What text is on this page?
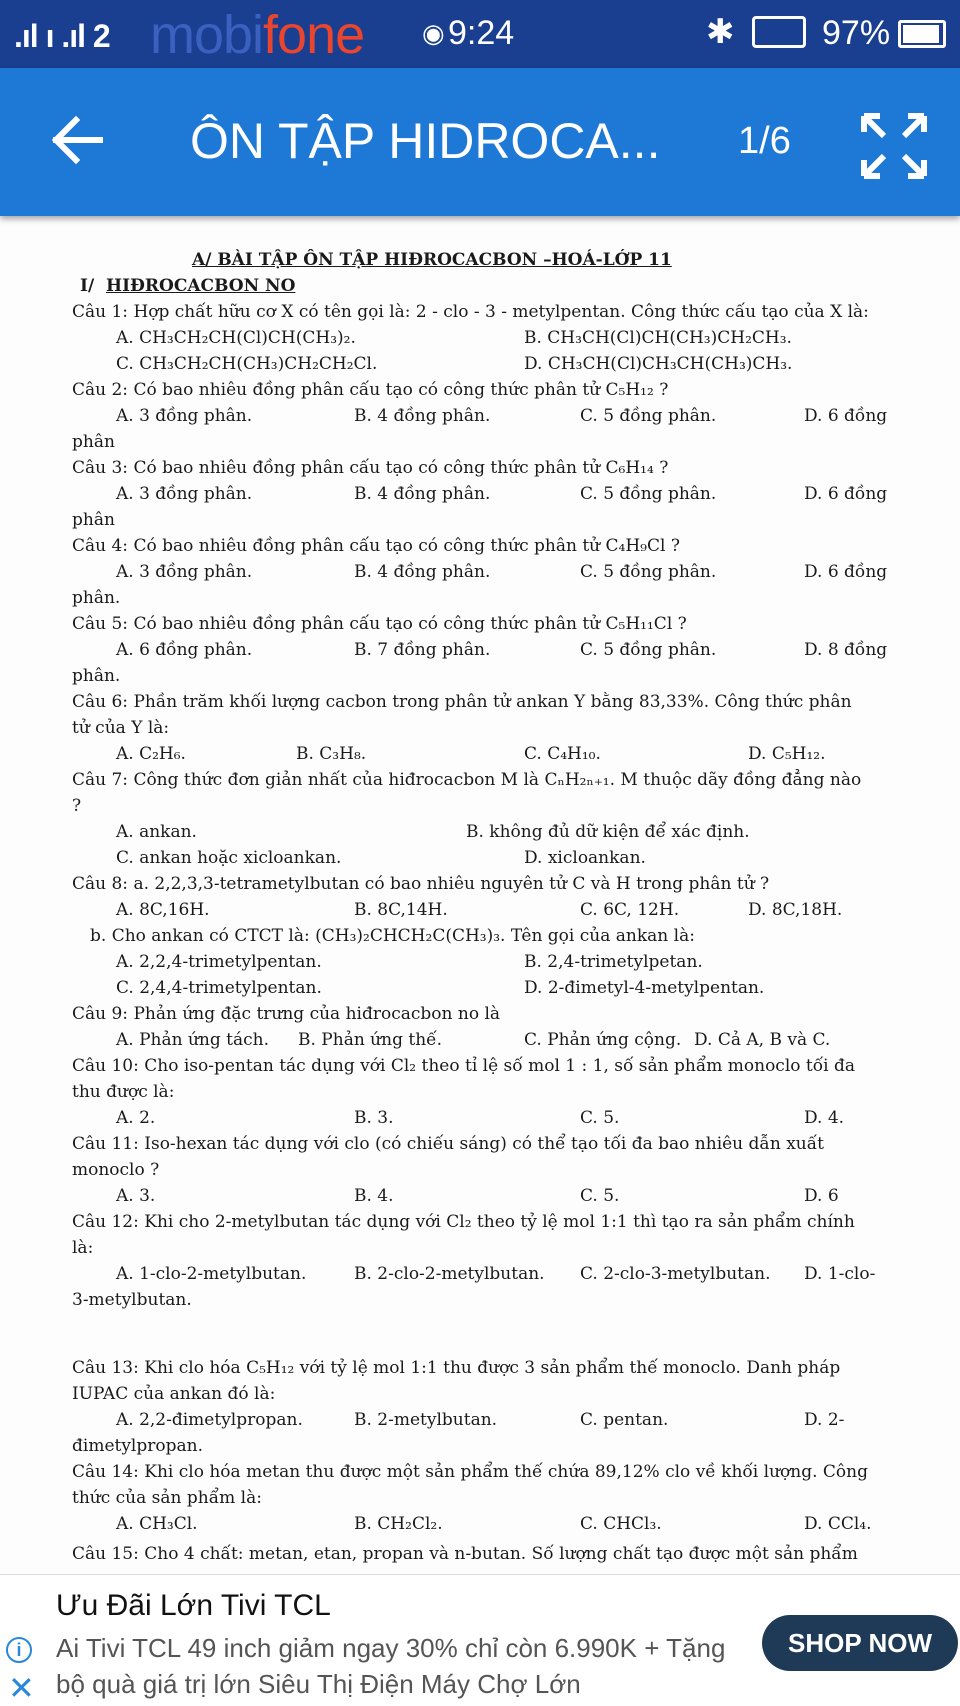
.ıl ı .ıl 2 mobifone ◉ 9:24	✱	97%
ÔN TẬP HIDROCA... 1/6
A/ BÀI TẬP ÔN TẬP HIĐROCACBON –HOÁ-LỚP 11
I/ HIĐROCACBON NO
Câu 1: Hợp chất hữu cơ X có tên gọi là: 2 - clo - 3 - metylpentan. Công thức cấu tạo của X là:
A. CH₃CH₂CH(Cl)CH(CH₃)₂.	B. CH₃CH(Cl)CH(CH₃)CH₂CH₃.
C. CH₃CH₂CH(CH₃)CH₂CH₂Cl.	D. CH₃CH(Cl)CH₃CH(CH₃)CH₃.
Câu 2: Có bao nhiêu đồng phân cấu tạo có công thức phân tử C₅H₁₂ ?
A. 3 đồng phân.	B. 4 đồng phân.	C. 5 đồng phân.	D. 6 đồng
phân
Câu 3: Có bao nhiêu đồng phân cấu tạo có công thức phân tử C₆H₁₄ ?
A. 3 đồng phân.	B. 4 đồng phân.	C. 5 đồng phân.	D. 6 đồng
phân
Câu 4: Có bao nhiêu đồng phân cấu tạo có công thức phân tử C₄H₉Cl ?
A. 3 đồng phân.	B. 4 đồng phân.	C. 5 đồng phân.	D. 6 đồng
phân.
Câu 5: Có bao nhiêu đồng phân cấu tạo có công thức phân tử C₅H₁₁Cl ?
A. 6 đồng phân.	B. 7 đồng phân.	C. 5 đồng phân.	D. 8 đồng
phân.
Câu 6: Phần trăm khối lượng cacbon trong phân tử ankan Y bằng 83,33%. Công thức phân
tử của Y là:
A. C₂H₆.	B. C₃H₈.	C. C₄H₁₀.	D. C₅H₁₂.
Câu 7: Công thức đơn giản nhất của hiđrocacbon M là CₙH₂ₙ₊₁. M thuộc dãy đồng đẳng nào
?
A. ankan.	B. không đủ dữ kiện để xác định.
C. ankan hoặc xicloankan.	D. xicloankan.
Câu 8: a. 2,2,3,3-tetrametylbutan có bao nhiêu nguyên tử C và H trong phân tử ?
A. 8C,16H.	B. 8C,14H.	C. 6C, 12H.	D. 8C,18H.
b. Cho ankan có CTCT là: (CH₃)₂CHCH₂C(CH₃)₃. Tên gọi của ankan là:
A. 2,2,4-trimetylpentan.	B. 2,4-trimetylpetan.
C. 2,4,4-trimetylpentan.	D. 2-đimetyl-4-metylpentan.
Câu 9: Phản ứng đặc trưng của hiđrocacbon no là
A. Phản ứng tách. B. Phản ứng thế.	C. Phản ứng cộng. D. Cả A, B và C.
Câu 10: Cho iso-pentan tác dụng với Cl₂ theo tỉ lệ số mol 1 : 1, số sản phẩm monoclo tối đa
thu được là:
A. 2.	B. 3.	C. 5.	D. 4.
Câu 11: Iso-hexan tác dụng với clo (có chiếu sáng) có thể tạo tối đa bao nhiêu dẫn xuất
monoclo ?
A. 3.	B. 4.	C. 5.	D. 6
Câu 12: Khi cho 2-metylbutan tác dụng với Cl₂ theo tỷ lệ mol 1:1 thì tạo ra sản phẩm chính
là:
A. 1-clo-2-metylbutan.	B. 2-clo-2-metylbutan. C. 2-clo-3-metylbutan. D. 1-clo-
3-metylbutan.
Câu 13: Khi clo hóa C₅H₁₂ với tỷ lệ mol 1:1 thu được 3 sản phẩm thế monoclo. Danh pháp
IUPAC của ankan đó là:
A. 2,2-đimetylpropan.	B. 2-metylbutan.	C. pentan.	D. 2-
đimetylpropan.
Câu 14: Khi clo hóa metan thu được một sản phẩm thế chứa 89,12% clo về khối lượng. Công
thức của sản phẩm là:
A. CH₃Cl.	B. CH₂Cl₂.	C. CHCl₃.	D. CCl₄.
Câu 15: Cho 4 chất: metan, etan, propan và n-butan. Số lượng chất tạo được một sản phẩm
Ưu Đãi Lớn Tivi TCL
i
✕
Ai Tivi TCL 49 inch giảm ngay 30% chỉ còn 6.990K + Tặng
bộ quà giá trị lớn Siêu Thị Điện Máy Chợ Lớn
SHOP NOW
